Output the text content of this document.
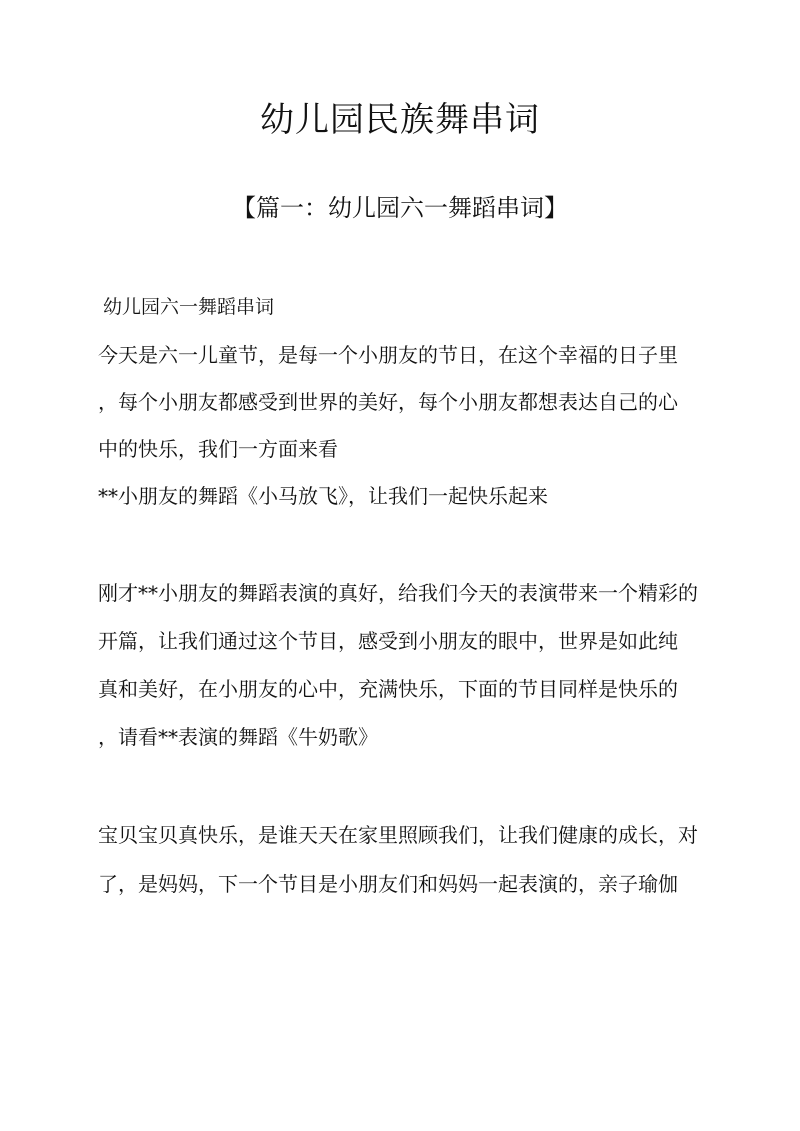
幼儿园民族舞串词
【篇一：幼儿园六一舞蹈串词】

幼儿园六一舞蹈串词

今天是六一儿童节，是每一个小朋友的节日，在这个幸福的日子里

，每个小朋友都感受到世界的美好，每个小朋友都想表达自己的心

中的快乐，我们一方面来看

**小朋友的舞蹈《小马放飞》，让我们一起快乐起来

刚才**小朋友的舞蹈表演的真好，给我们今天的表演带来一个精彩的

开篇，让我们通过这个节目，感受到小朋友的眼中，世界是如此纯

真和美好，在小朋友的心中，充满快乐，下面的节目同样是快乐的

，请看**表演的舞蹈《牛奶歌》

宝贝宝贝真快乐，是谁天天在家里照顾我们，让我们健康的成长，对

了，是妈妈，下一个节目是小朋友们和妈妈一起表演的，亲子瑜伽
